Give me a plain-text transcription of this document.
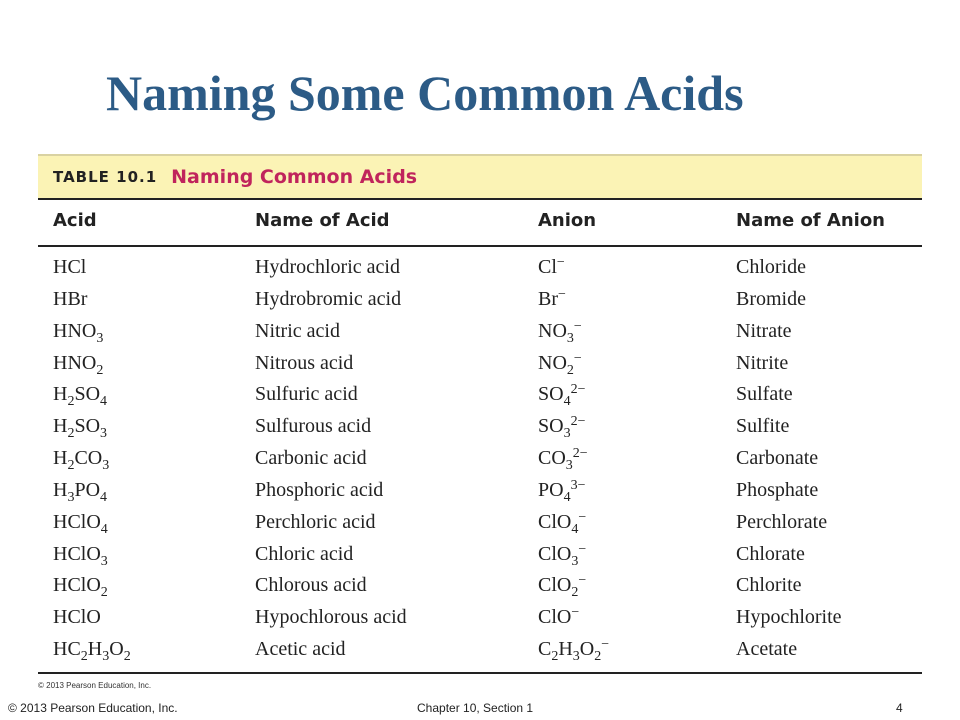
Naming Some Common Acids
TABLE 10.1 Naming Common Acids
Acid	Name of Acid	Anion	Name of Anion
HCl	Hydrochloric acid	Cl−	Chloride
HBr	Hydrobromic acid	Br−	Bromide
$HNO_3$	Nitric acid	$NO_3^-$	Nitrate
$HNO_2$	Nitrous acid	$NO_2^-$	Nitrite
$H_2SO_4$	Sulfuric acid	$SO_4^{2-}$	Sulfate
$H_2SO_3$	Sulfurous acid	$SO_3^{2-}$	Sulfite
$H_2CO_3$	Carbonic acid	$CO_3^{2-}$	Carbonate
$H_3PO_4$	Phosphoric acid	$PO_4^{3-}$	Phosphate
HClO$_4$	Perchloric acid	ClO$_4$−	Perchlorate
HClO$_3$	Chloric acid	ClO$_3$−	Chlorate
HClO$_2$	Chlorous acid	ClO$_2$−	Chlorite
HClO	Hypochlorous acid	ClO−	Hypochlorite
$HC_2H_3O_2$	Acetic acid	$C_2H_3O_2^-$	Acetate
© 2013 Pearson Education, Inc.
© 2013 Pearson Education, Inc.	Chapter 10, Section 1	4
